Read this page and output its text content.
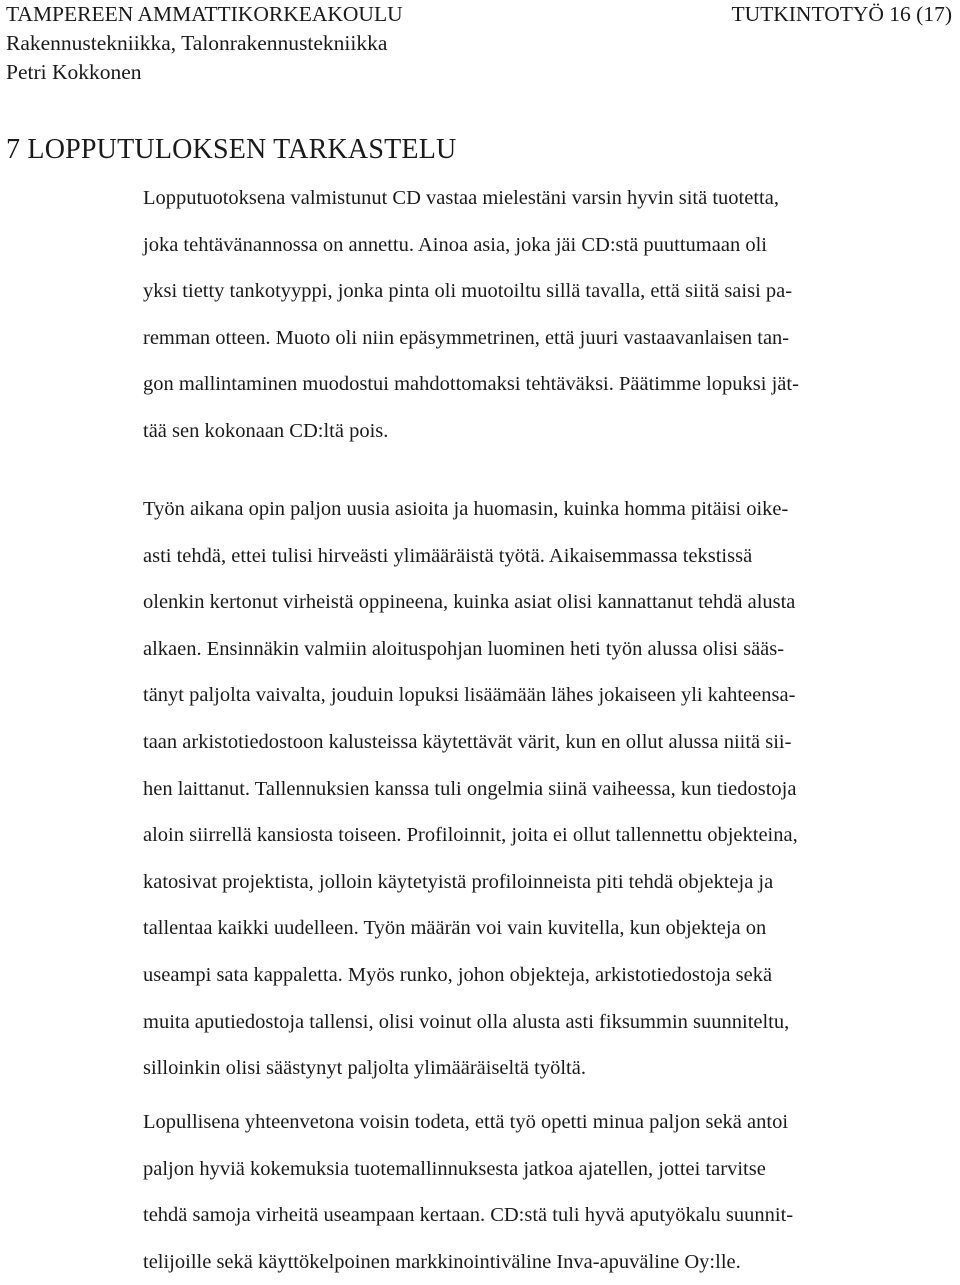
TAMPEREEN AMMATTIKORKEAKOULU	TUTKINTOTYÖ 16 (17)
Rakennustekniikka, Talonrakennustekniikka
Petri Kokkonen
7 LOPPUTULOKSEN TARKASTELU
Lopputuotoksena valmistunut CD vastaa mielestäni varsin hyvin sitä tuotetta,
joka tehtävänannossa on annettu. Ainoa asia, joka jäi CD:stä puuttumaan oli
yksi tietty tankotyyppi, jonka pinta oli muotoiltu sillä tavalla, että siitä saisi pa-
remman otteen. Muoto oli niin epäsymmetrinen, että juuri vastaavanlaisen tan-
gon mallintaminen muodostui mahdottomaksi tehtäväksi. Päätimme lopuksi jät-
tää sen kokonaan CD:ltä pois.
Työn aikana opin paljon uusia asioita ja huomasin, kuinka homma pitäisi oike-
asti tehdä, ettei tulisi hirveästi ylimääräistä työtä. Aikaisemmassa tekstissä
olenkin kertonut virheistä oppineena, kuinka asiat olisi kannattanut tehdä alusta
alkaen. Ensinnäkin valmiin aloituspohjan luominen heti työn alussa olisi sääs-
tänyt paljolta vaivalta, jouduin lopuksi lisäämään lähes jokaiseen yli kahteensa-
taan arkistotiedostoon kalusteissa käytettävät värit, kun en ollut alussa niitä sii-
hen laittanut. Tallennuksien kanssa tuli ongelmia siinä vaiheessa, kun tiedostoja
aloin siirrellä kansiosta toiseen. Profiloinnit, joita ei ollut tallennettu objekteina,
katosivat projektista, jolloin käytetyistä profiloinneista piti tehdä objekteja ja
tallentaa kaikki uudelleen. Työn määrän voi vain kuvitella, kun objekteja on
useampi sata kappaletta. Myös runko, johon objekteja, arkistotiedostoja sekä
muita aputiedostoja tallensi, olisi voinut olla alusta asti fiksummin suunniteltu,
silloinkin olisi säästynyt paljolta ylimääräiseltä työltä.
Lopullisena yhteenvetona voisin todeta, että työ opetti minua paljon sekä antoi
paljon hyviä kokemuksia tuotemallinnuksesta jatkoa ajatellen, jottei tarvitse
tehdä samoja virheitä useampaan kertaan. CD:stä tuli hyvä aputyökalu suunnit-
telijoille sekä käyttökelpoinen markkinointiväline Inva-apuväline Oy:lle.
